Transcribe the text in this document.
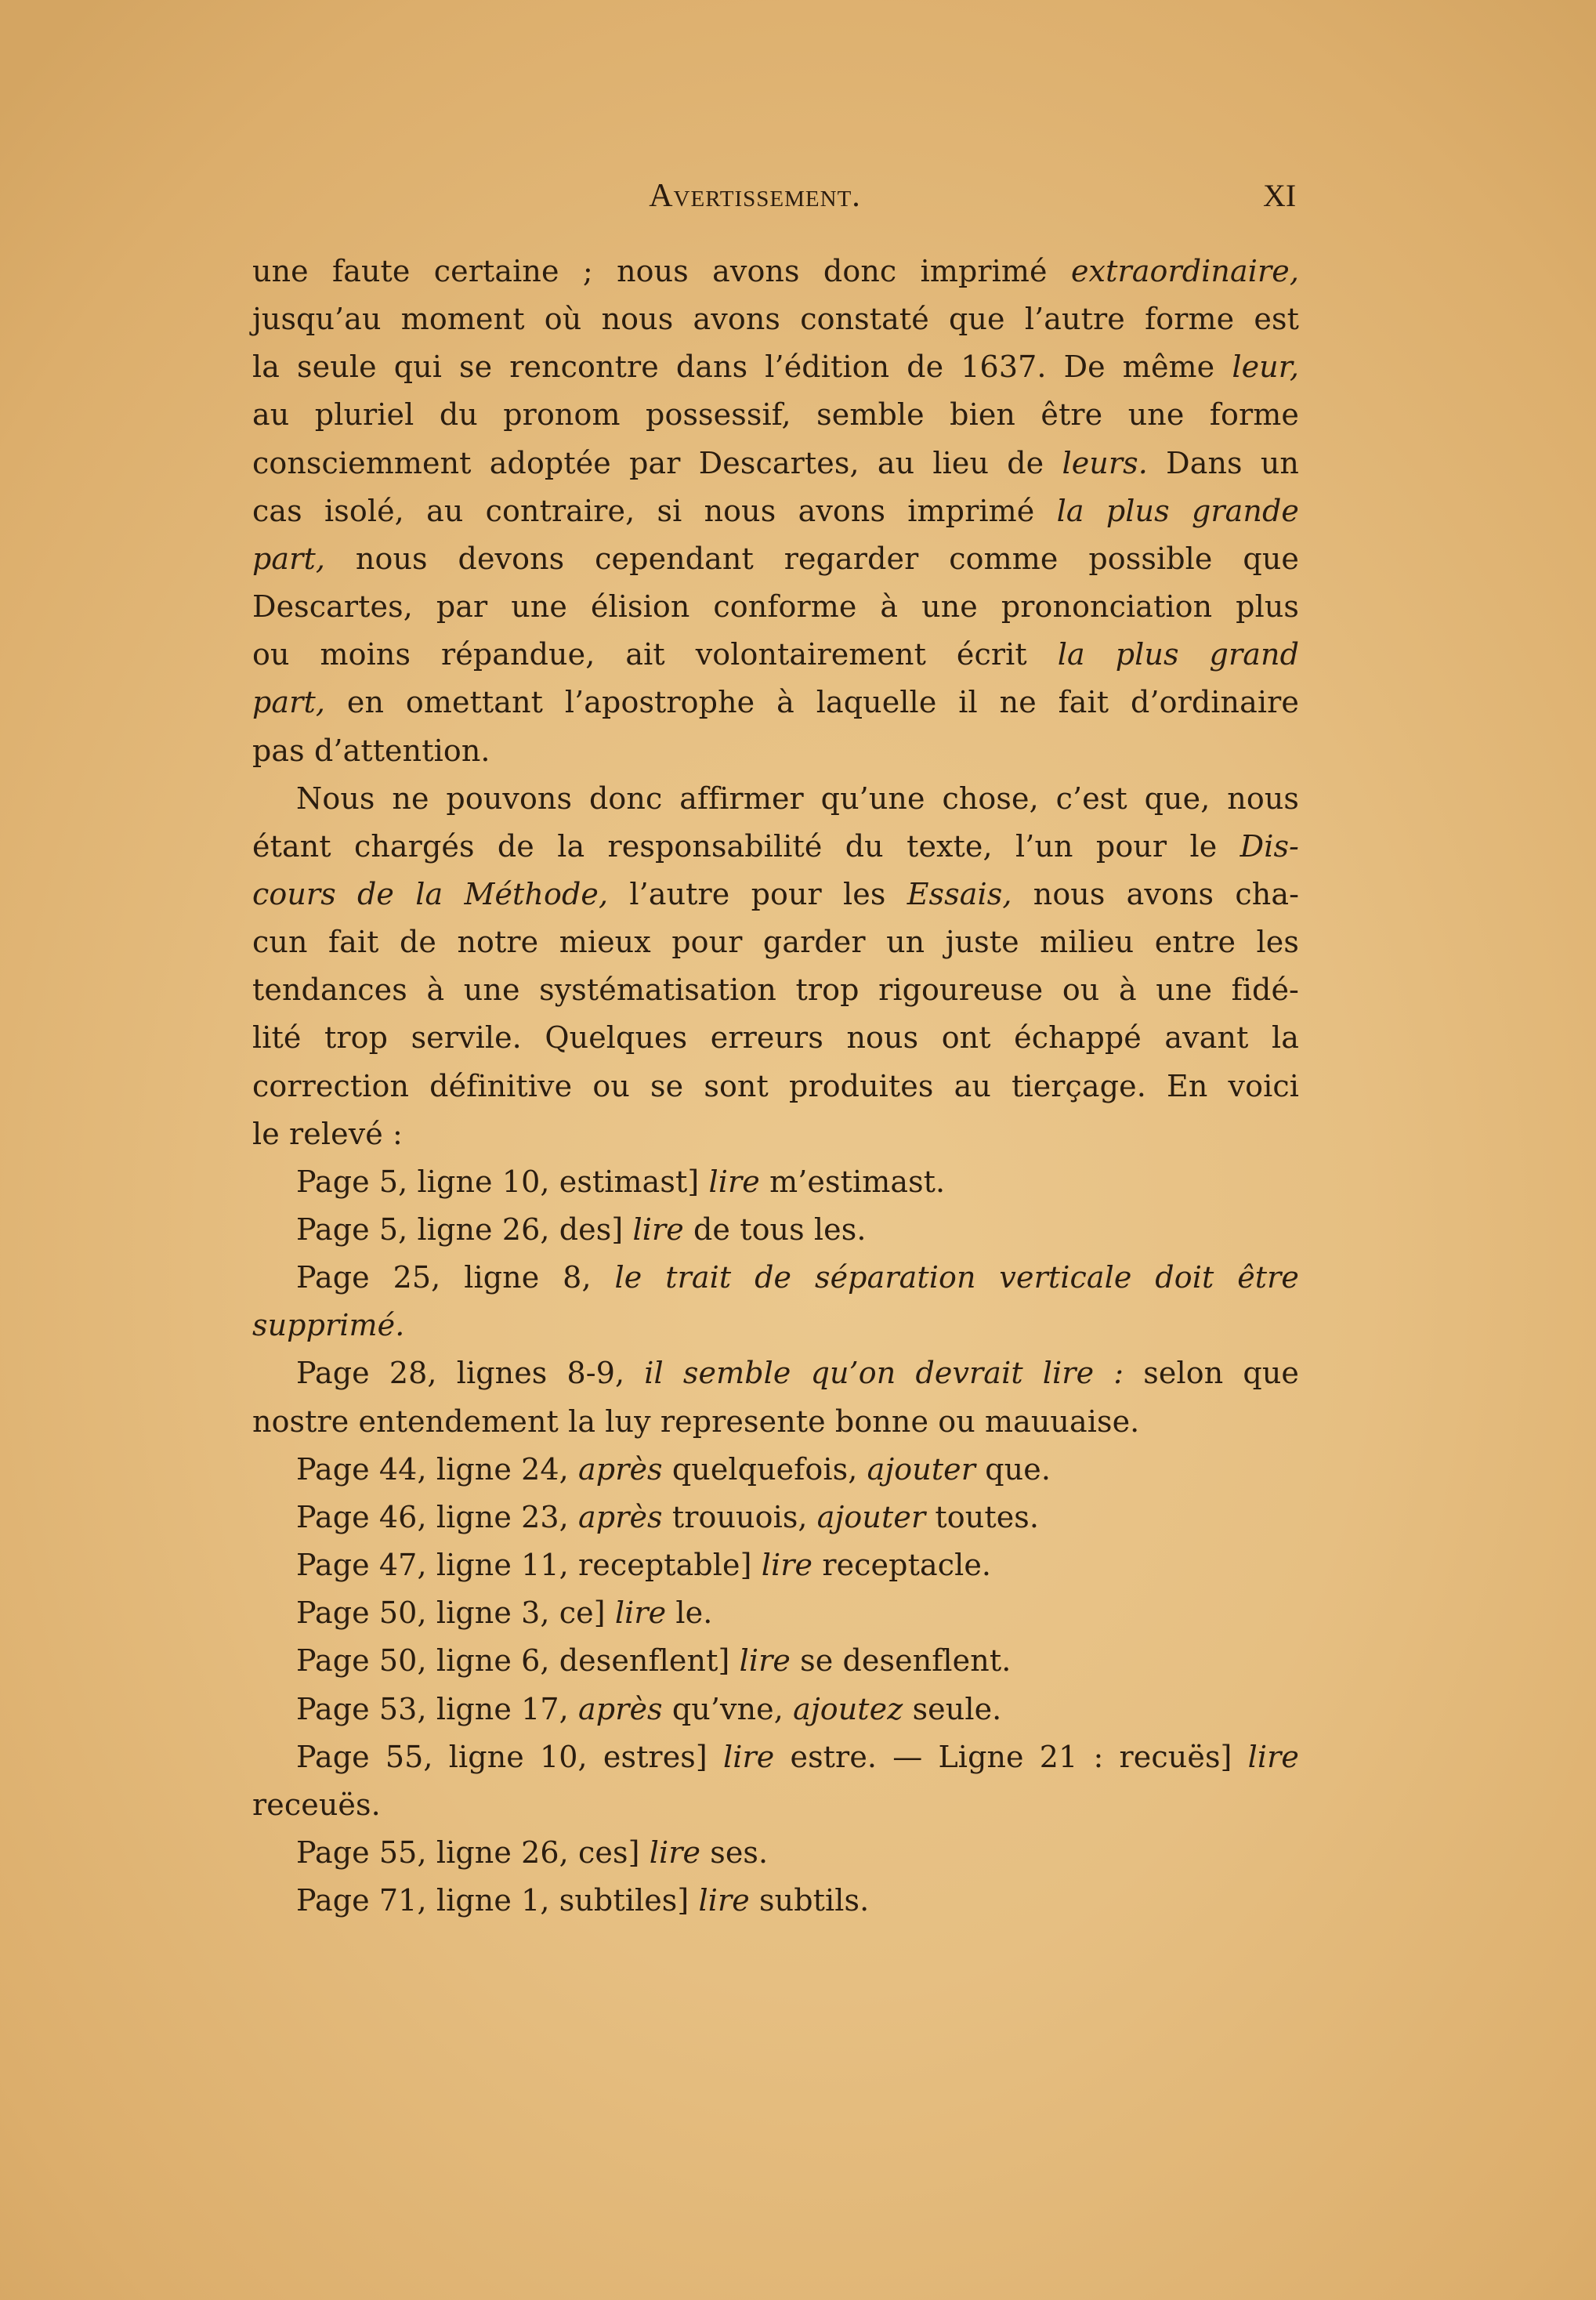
Avertissement.	XI
une faute certaine ; nous avons donc imprimé extraordinaire,
jusqu’au moment où nous avons constaté que l’autre forme est
la seule qui se rencontre dans l’édition de 1637. De même leur,
au pluriel du pronom possessif, semble bien être une forme
consciemment adoptée par Descartes, au lieu de leurs. Dans un
cas isolé, au contraire, si nous avons imprimé la plus grande
part, nous devons cependant regarder comme possible que
Descartes, par une élision conforme à une prononciation plus
ou moins répandue, ait volontairement écrit la plus grand
part, en omettant l’apostrophe à laquelle il ne fait d’ordinaire
pas d’attention.
Nous ne pouvons donc affirmer qu’une chose, c’est que, nous
étant chargés de la responsabilité du texte, l’un pour le Dis-
cours de la Méthode, l’autre pour les Essais, nous avons cha-
cun fait de notre mieux pour garder un juste milieu entre les
tendances à une systématisation trop rigoureuse ou à une fidé-
lité trop servile. Quelques erreurs nous ont échappé avant la
correction définitive ou se sont produites au tierçage. En voici
le relevé :
Page 5, ligne 10, estimast] lire m’estimast.
Page 5, ligne 26, des] lire de tous les.
Page 25, ligne 8, le trait de séparation verticale doit être
supprimé.
Page 28, lignes 8-9, il semble qu’on devrait lire : selon que
nostre entendement la luy represente bonne ou mauuaise.
Page 44, ligne 24, après quelquefois, ajouter que.
Page 46, ligne 23, après trouuois, ajouter toutes.
Page 47, ligne 11, receptable] lire receptacle.
Page 50, ligne 3, ce] lire le.
Page 50, ligne 6, desenflent] lire se desenflent.
Page 53, ligne 17, après qu’vne, ajoutez seule.
Page 55, ligne 10, estres] lire estre. — Ligne 21 : recuës] lire
receuës.
Page 55, ligne 26, ces] lire ses.
Page 71, ligne 1, subtiles] lire subtils.
